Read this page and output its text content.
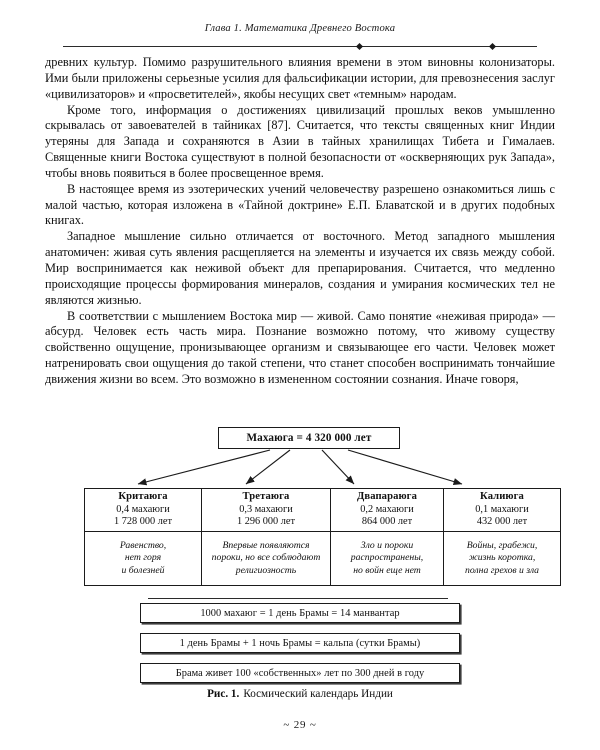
Глава 1. Математика Древнего Востока

древних культур. Помимо разрушительного влияния времени в этом виновны колонизаторы. Ими были приложены серьезные усилия для фальсификации истории, для превознесения заслуг «цивилизаторов» и «просветителей», якобы несущих свет «темным» народам.

Кроме того, информация о достижениях цивилизаций прошлых веков умышленно скрывалась от завоевателей в тайниках [87]. Считается, что тексты священных книг Индии утеряны для Запада и сохраняются в Азии в тайных хранилищах Тибета и Гималаев. Священные книги Востока существуют в полной безопасности от «оскверняющих рук Запада», чтобы вновь появиться в более просвещенное время.

В настоящее время из эзотерических учений человечеству разрешено ознакомиться лишь с малой частью, которая изложена в «Тайной доктрине» Е.П. Блаватской и в других подобных книгах.

Западное мышление сильно отличается от восточного. Метод западного мышления анатомичен: живая суть явления расщепляется на элементы и изучается их связь между собой. Мир воспринимается как неживой объект для препарирования. Считается, что медленно происходящие процессы формирования минералов, создания и умирания космических тел не являются жизнью.

В соответствии с мышлением Востока мир — живой. Само понятие «неживая природа» — абсурд. Человек есть часть мира. Познание возможно потому, что живому существу свойственно ощущение, пронизывающее организм и связывающее его части. Человек может натренировать свои ощущения до такой степени, что станет способен воспринимать тончайшие движения жизни во всем. Это возможно в измененном состоянии сознания. Иначе говоря,

Махаюга = 4 320 000 лет
Критаюга
0,4 махаюги
1 728 000 лет	Третаюга
0,3 махаюги
1 296 000 лет	Двапараюга
0,2 махаюги
864 000 лет	Калиюга
0,1 махаюги
432 000 лет

Равенство,
нет горя
и болезней	Впервые появляются
пороки, но все соблюдают
религиозность	Зло и пороки
распространены,
но войн еще нет	Войны, грабежи,
жизнь коротка,
полна грехов и зла
1000 махаюг = 1 день Брамы = 14 манвантар
1 день Брамы + 1 ночь Брамы = кальпа (сутки Брамы)
Брама живет 100 «собственных» лет по 300 дней в году
Рис. 1. Космический календарь Индии
~ 29 ~
